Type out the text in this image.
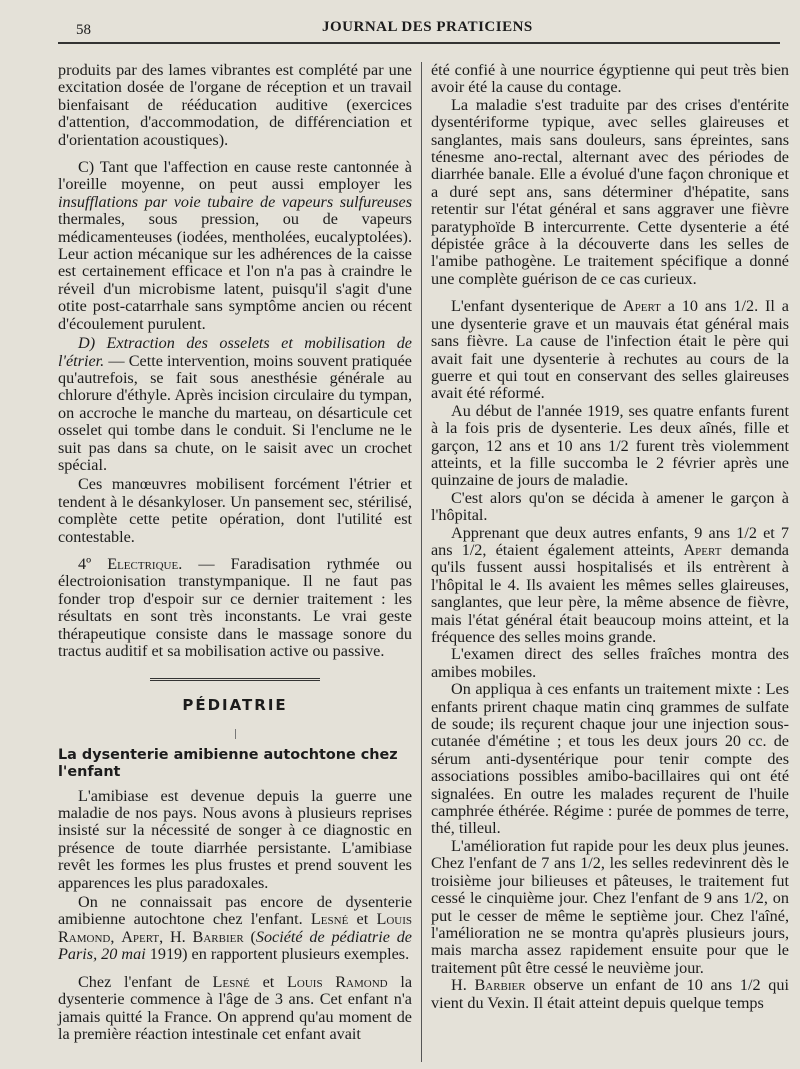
58	JOURNAL DES PRATICIENS

produits par des lames vibrantes est complété par une excitation dosée de l'organe de réception et un travail bienfaisant de rééducation auditive (exercices d'attention, d'accommodation, de différenciation et d'orientation acoustiques).

C) Tant que l'affection en cause reste cantonnée à l'oreille moyenne, on peut aussi employer les insufflations par voie tubaire de vapeurs sulfureuses thermales, sous pression, ou de vapeurs médicamenteuses (iodées, mentholées, eucalyptolées). Leur action mécanique sur les adhérences de la caisse est certainement efficace et l'on n'a pas à craindre le réveil d'un microbisme latent, puisqu'il s'agit d'une otite post-catarrhale sans symptôme ancien ou récent d'écoulement purulent.

D) Extraction des osselets et mobilisation de l'étrier. — Cette intervention, moins souvent pratiquée qu'autrefois, se fait sous anesthésie générale au chlorure d'éthyle. Après incision circulaire du tympan, on accroche le manche du marteau, on désarticule cet osselet qui tombe dans le conduit. Si l'enclume ne le suit pas dans sa chute, on le saisit avec un crochet spécial.

Ces manœuvres mobilisent forcément l'étrier et tendent à le désankyloser. Un pansement sec, stérilisé, complète cette petite opération, dont l'utilité est contestable.

4º Electrique. — Faradisation rythmée ou électroionisation transtympanique. Il ne faut pas fonder trop d'espoir sur ce dernier traitement : les résultats en sont très inconstants. Le vrai geste thérapeutique consiste dans le massage sonore du tractus auditif et sa mobilisation active ou passive.

PÉDIATRIE
La dysenterie amibienne autochtone chez l'enfant

L'amibiase est devenue depuis la guerre une maladie de nos pays. Nous avons à plusieurs reprises insisté sur la nécessité de songer à ce diagnostic en présence de toute diarrhée persistante. L'amibiase revêt les formes les plus frustes et prend souvent les apparences les plus paradoxales.

On ne connaissait pas encore de dysenterie amibienne autochtone chez l'enfant. Lesné et Louis Ramond, Apert, H. Barbier (Société de pédiatrie de Paris, 20 mai 1919) en rapportent plusieurs exemples.

Chez l'enfant de Lesné et Louis Ramond la dysenterie commence à l'âge de 3 ans. Cet enfant n'a jamais quitté la France. On apprend qu'au moment de la première réaction intestinale cet enfant avait

été confié à une nourrice égyptienne qui peut très bien avoir été la cause du contage.

La maladie s'est traduite par des crises d'entérite dysentériforme typique, avec selles glaireuses et sanglantes, mais sans douleurs, sans épreintes, sans ténesme ano-rectal, alternant avec des périodes de diarrhée banale. Elle a évolué d'une façon chronique et a duré sept ans, sans déterminer d'hépatite, sans retentir sur l'état général et sans aggraver une fièvre paratyphoïde B intercurrente. Cette dysenterie a été dépistée grâce à la découverte dans les selles de l'amibe pathogène. Le traitement spécifique a donné une complète guérison de ce cas curieux.

L'enfant dysenterique de Apert a 10 ans 1/2. Il a une dysenterie grave et un mauvais état général mais sans fièvre. La cause de l'infection était le père qui avait fait une dysenterie à rechutes au cours de la guerre et qui tout en conservant des selles glaireuses avait été réformé.

Au début de l'année 1919, ses quatre enfants furent à la fois pris de dysenterie. Les deux aînés, fille et garçon, 12 ans et 10 ans 1/2 furent très violemment atteints, et la fille succomba le 2 février après une quinzaine de jours de maladie.

C'est alors qu'on se décida à amener le garçon à l'hôpital.

Apprenant que deux autres enfants, 9 ans 1/2 et 7 ans 1/2, étaient également atteints, Apert demanda qu'ils fussent aussi hospitalisés et ils entrèrent à l'hôpital le 4. Ils avaient les mêmes selles glaireuses, sanglantes, que leur père, la même absence de fièvre, mais l'état général était beaucoup moins atteint, et la fréquence des selles moins grande.

L'examen direct des selles fraîches montra des amibes mobiles.

On appliqua à ces enfants un traitement mixte : Les enfants prirent chaque matin cinq grammes de sulfate de soude; ils reçurent chaque jour une injection sous-cutanée d'émétine ; et tous les deux jours 20 cc. de sérum anti-dysentérique pour tenir compte des associations possibles amibo-bacillaires qui ont été signalées. En outre les malades reçurent de l'huile camphrée éthérée. Régime : purée de pommes de terre, thé, tilleul.

L'amélioration fut rapide pour les deux plus jeunes. Chez l'enfant de 7 ans 1/2, les selles redevinrent dès le troisième jour bilieuses et pâteuses, le traitement fut cessé le cinquième jour. Chez l'enfant de 9 ans 1/2, on put le cesser de même le septième jour. Chez l'aîné, l'amélioration ne se montra qu'après plusieurs jours, mais marcha assez rapidement ensuite pour que le traitement pût être cessé le neuvième jour.

H. Barbier observe un enfant de 10 ans 1/2 qui vient du Vexin. Il était atteint depuis quelque temps
